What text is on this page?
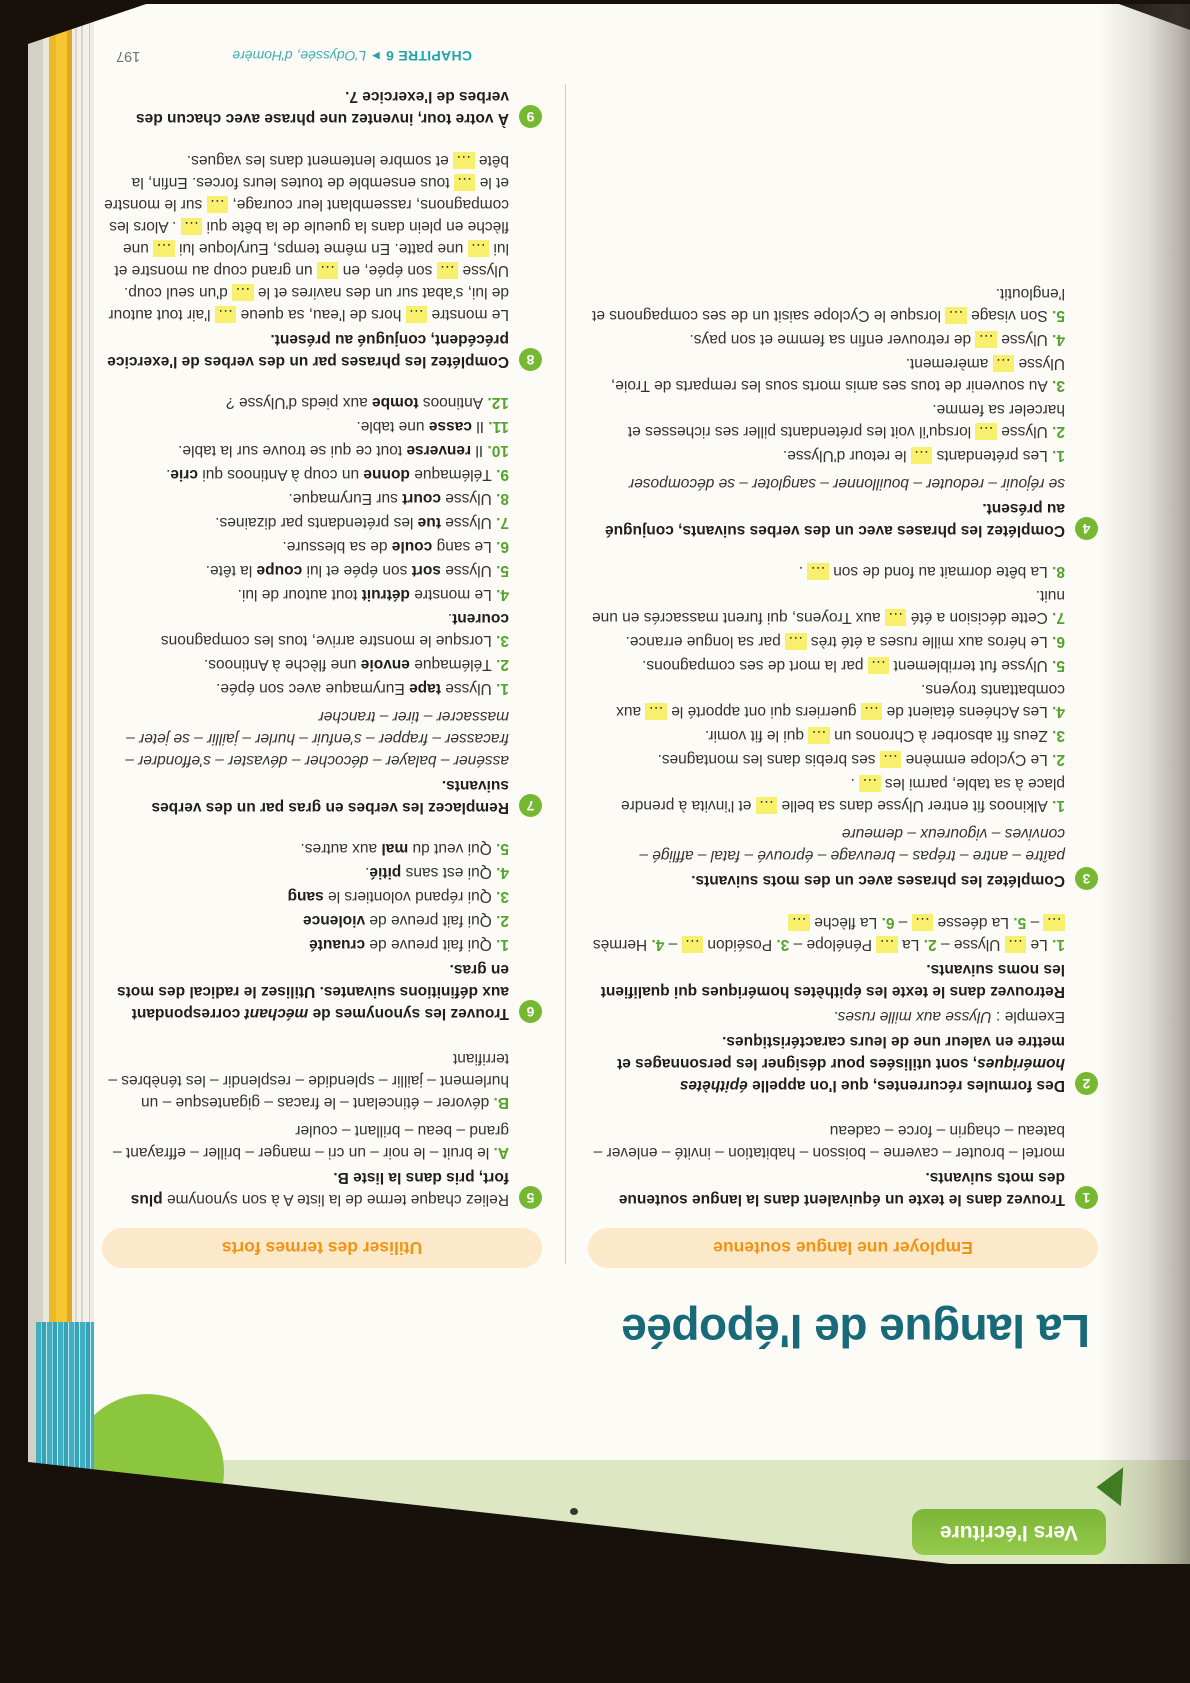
Vers l'écriture
La langue de l'épopée
Employer une langue soutenue
Utiliser des termes forts
1
Trouvez dans le texte un équivalent dans la langue soutenue des mots suivants.
mortel – brouter – caverne – boisson – habitation – invité – enlever – bateau – chagrin – force – cadeau
2
Des formules récurrentes, que l'on appelle épithètes homériques, sont utilisées pour désigner les personnages et mettre en valeur une de leurs caractéristiques.
Exemple : Ulysse aux mille ruses.
Retrouvez dans le texte les épithètes homériques qui qualifient les noms suivants.
1. Le … Ulysse – 2. La … Pénélope – 3. Poséidon … – 4. Hermès … – 5. La déesse … – 6. La flèche …
3
Complétez les phrases avec un des mots suivants.
paître – antre – trépas – breuvage – éprouvé – fatal – affligé – convives – vigoureux – demeure
1. Alkinoos fit entrer Ulysse dans sa belle … et l'invita à prendre place à sa table, parmi les … .
2. Le Cyclope emmène … ses brebis dans les montagnes.
3. Zeus fit absorber à Chronos un … qui le fit vomir.
4. Les Achéens étaient de … guerriers qui ont apporté le … aux combattants troyens.
5. Ulysse fut terriblement … par la mort de ses compagnons.
6. Le héros aux mille ruses a été très … par sa longue errance.
7. Cette décision a été … aux Troyens, qui furent massacrés en une nuit.
8. La bête dormait au fond de son … .
4
Complétez les phrases avec un des verbes suivants, conjugué au présent.
se réjouir – redouter – bouillonner – sangloter – se décomposer
1. Les prétendants … le retour d'Ulysse.
2. Ulysse … lorsqu'il voit les prétendants piller ses richesses et harceler sa femme.
3. Au souvenir de tous ses amis morts sous les remparts de Troie, Ulysse … amèrement.
4. Ulysse … de retrouver enfin sa femme et son pays.
5. Son visage … lorsque le Cyclope saisit un de ses compagnons et l'engloutit.
5
Reliez chaque terme de la liste A à son synonyme plus fort, pris dans la liste B.
A. le bruit – le noir – un cri – manger – briller – effrayant – grand – beau – brillant – couler
B. dévorer – étincelant – le fracas – gigantesque – un hurlement – jaillir – splendide – resplendir – les ténèbres – terrifiant
6
Trouvez les synonymes de méchant correspondant aux définitions suivantes. Utilisez le radical des mots en gras.
1. Qui fait preuve de cruauté
2. Qui fait preuve de violence
3. Qui répand volontiers le sang
4. Qui est sans pitié.
5. Qui veut du mal aux autres.
7
Remplacez les verbes en gras par un des verbes suivants.
asséner – balayer – décocher – dévaster – s'effondrer – fracasser – frapper – s'enfuir – hurler – jaillir – se jeter – massacrer – tirer – trancher
1. Ulysse tape Eurymaque avec son épée.
2. Télémaque envoie une flèche à Antinoos.
3. Lorsque le monstre arrive, tous les compagnons courent.
4. Le monstre détruit tout autour de lui.
5. Ulysse sort son épée et lui coupe la tête.
6. Le sang coule de sa blessure.
7. Ulysse tue les prétendants par dizaines.
8. Ulysse court sur Eurymaque.
9. Télémaque donne un coup à Antinoos qui crie.
10. Il renverse tout ce qui se trouve sur la table.
11. Il casse une table.
12. Antinoos tombe aux pieds d'Ulysse ?
8
Complétez les phrases par un des verbes de l'exercice précédent, conjugué au présent.
Le monstre … hors de l'eau, sa queue … l'air tout autour de lui, s'abat sur un des navires et le … d'un seul coup. Ulysse … son épée, en … un grand coup au monstre et lui … une patte. En même temps, Euryloque lui … une flèche en plein dans la gueule de la bête qui … . Alors les compagnons, rassemblant leur courage, … sur le monstre et le … tous ensemble de toutes leurs forces. Enfin, la bête … et sombre lentement dans les vagues.
9
À votre tour, inventez une phrase avec chacun des verbes de l'exercice 7.
CHAPITRE 6
▶
L'Odyssée, d'Homère
197
